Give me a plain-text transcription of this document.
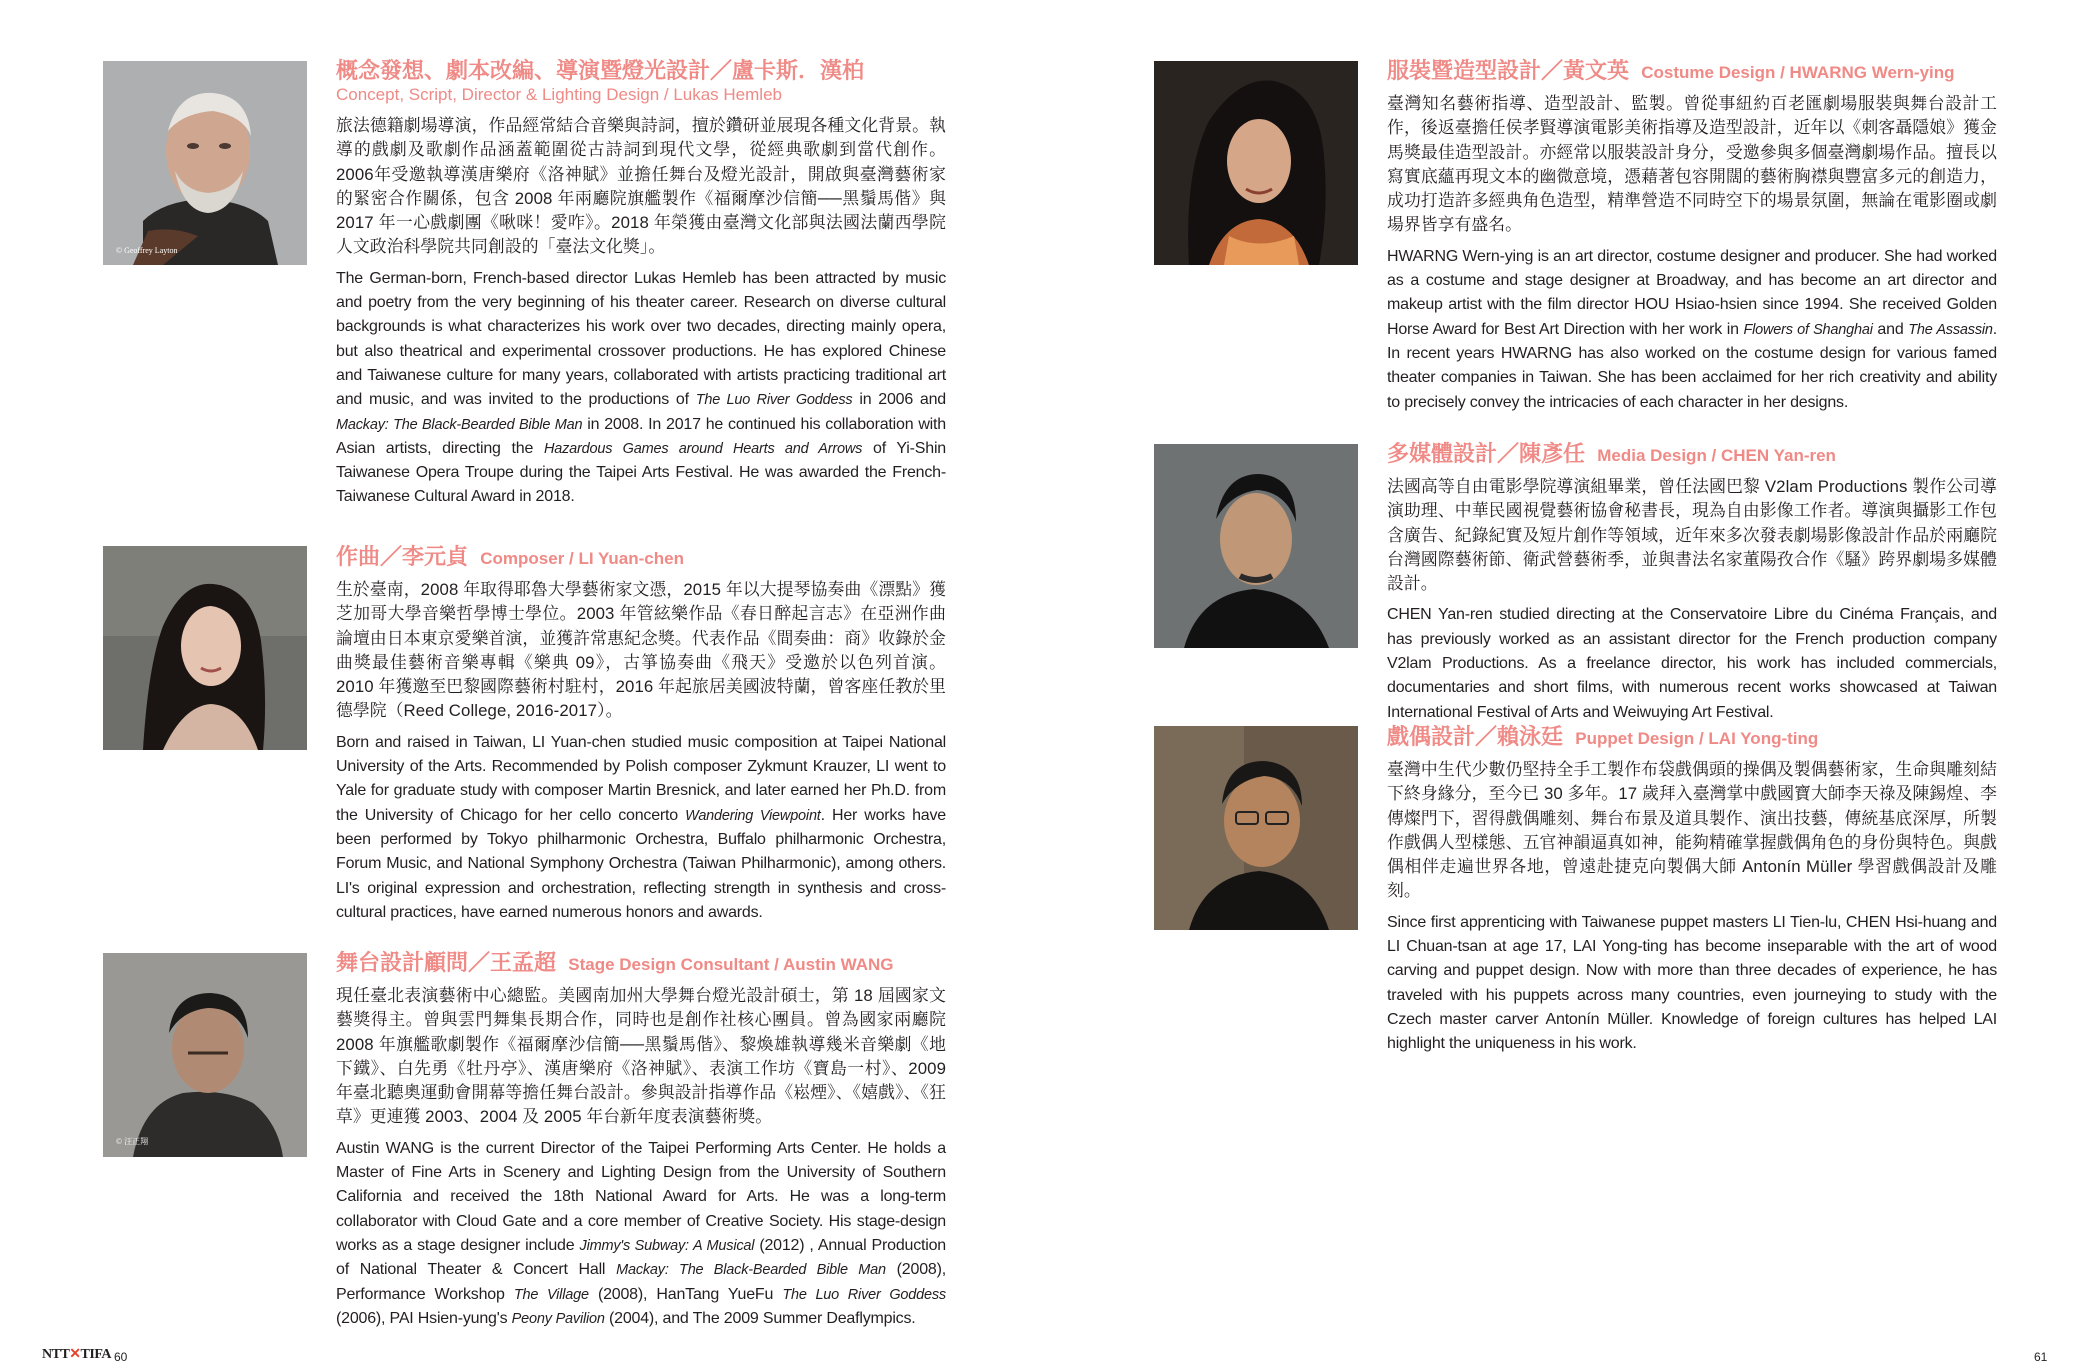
© Geoffrey Layton
概念發想、劇本改編、導演暨燈光設計／盧卡斯．漢柏

Concept, Script, Director & Lighting Design / Lukas Hemleb

旅法德籍劇場導演，作品經常結合音樂與詩詞，擅於鑽研並展現各種文化背景。執導的戲劇及歌劇作品涵蓋範圍從古詩詞到現代文學，從經典歌劇到當代創作。2006年受邀執導漢唐樂府《洛神賦》並擔任舞台及燈光設計，開啟與臺灣藝術家的緊密合作關係，包含 2008 年兩廳院旗艦製作《福爾摩沙信簡──黑鬚馬偕》與 2017 年一心戲劇團《啾咪！愛咋》。2018 年榮獲由臺灣文化部與法國法蘭西學院人文政治科學院共同創設的「臺法文化獎」。

The German-born, French-based director Lukas Hemleb has been attracted by music and poetry from the very beginning of his theater career. Research on diverse cultural backgrounds is what characterizes his work over two decades, directing mainly opera, but also theatrical and experimental crossover productions. He has explored Chinese and Taiwanese culture for many years, collaborated with artists practicing traditional art and music, and was invited to the productions of The Luo River Goddess in 2006 and Mackay: The Black-Bearded Bible Man in 2008. In 2017 he continued his collaboration with Asian artists, directing the Hazardous Games around Hearts and Arrows of Yi-Shin Taiwanese Opera Troupe during the Taipei Arts Festival. He was awarded the French-Taiwanese Cultural Award in 2018.

作曲／李元貞 Composer / LI Yuan-chen

生於臺南，2008 年取得耶魯大學藝術家文憑，2015 年以大提琴協奏曲《漂點》獲芝加哥大學音樂哲學博士學位。2003 年管絃樂作品《春日醉起言志》在亞洲作曲論壇由日本東京愛樂首演，並獲許常惠紀念獎。代表作品《間奏曲：商》收錄於金曲獎最佳藝術音樂專輯《樂典 09》，古箏協奏曲《飛天》受邀於以色列首演。2010 年獲邀至巴黎國際藝術村駐村，2016 年起旅居美國波特蘭，曾客座任教於里德學院（Reed College, 2016-2017）。

Born and raised in Taiwan, LI Yuan-chen studied music composition at Taipei National University of the Arts. Recommended by Polish composer Zykmunt Krauzer, LI went to Yale for graduate study with composer Martin Bresnick, and later earned her Ph.D. from the University of Chicago for her cello concerto Wandering Viewpoint. Her works have been performed by Tokyo philharmonic Orchestra, Buffalo philharmonic Orchestra, Forum Music, and National Symphony Orchestra (Taiwan Philharmonic), among others. LI's original expression and orchestration, reflecting strength in synthesis and cross-cultural practices, have earned numerous honors and awards.

© 汪正翔
舞台設計顧問／王孟超 Stage Design Consultant / Austin WANG

現任臺北表演藝術中心總監。美國南加州大學舞台燈光設計碩士，第 18 屆國家文藝獎得主。曾與雲門舞集長期合作，同時也是創作社核心團員。曾為國家兩廳院 2008 年旗艦歌劇製作《福爾摩沙信簡──黑鬚馬偕》、黎煥雄執導幾米音樂劇《地下鐵》、白先勇《牡丹亭》、漢唐樂府《洛神賦》、表演工作坊《寶島一村》、2009 年臺北聽奧運動會開幕等擔任舞台設計。參與設計指導作品《崧煙》、《嬉戲》、《狂草》更連獲 2003、2004 及 2005 年台新年度表演藝術獎。

Austin WANG is the current Director of the Taipei Performing Arts Center. He holds a Master of Fine Arts in Scenery and Lighting Design from the University of Southern California and received the 18th National Award for Arts. He was a long-term collaborator with Cloud Gate and a core member of Creative Society. His stage-design works as a stage designer include Jimmy's Subway: A Musical (2012) , Annual Production of National Theater & Concert Hall Mackay: The Black-Bearded Bible Man (2008), Performance Workshop The Village (2008), HanTang YueFu The Luo River Goddess (2006), PAI Hsien-yung's Peony Pavilion (2004), and The 2009 Summer Deaflympics.

服裝暨造型設計／黃文英 Costume Design / HWARNG Wern-ying

臺灣知名藝術指導、造型設計、監製。曾從事紐約百老匯劇場服裝與舞台設計工作，後返臺擔任侯孝賢導演電影美術指導及造型設計，近年以《刺客聶隱娘》獲金馬獎最佳造型設計。亦經常以服裝設計身分，受邀參與多個臺灣劇場作品。擅長以寫實底蘊再現文本的幽微意境，憑藉著包容開闊的藝術胸襟與豐富多元的創造力，成功打造許多經典角色造型，精準營造不同時空下的場景氛圍，無論在電影圈或劇場界皆享有盛名。

HWARNG Wern-ying is an art director, costume designer and producer. She had worked as a costume and stage designer at Broadway, and has become an art director and makeup artist with the film director HOU Hsiao-hsien since 1994. She received Golden Horse Award for Best Art Direction with her work in Flowers of Shanghai and The Assassin. In recent years HWARNG has also worked on the costume design for various famed theater companies in Taiwan. She has been acclaimed for her rich creativity and ability to precisely convey the intricacies of each character in her designs.

多媒體設計／陳彥任 Media Design / CHEN Yan-ren

法國高等自由電影學院導演組畢業，曾任法國巴黎 V2lam Productions 製作公司導演助理、中華民國視覺藝術協會秘書長，現為自由影像工作者。導演與攝影工作包含廣告、紀錄紀實及短片創作等領域，近年來多次發表劇場影像設計作品於兩廳院台灣國際藝術節、衛武營藝術季，並與書法名家董陽孜合作《騷》跨界劇場多媒體設計。

CHEN Yan-ren studied directing at the Conservatoire Libre du Cinéma Français, and has previously worked as an assistant director for the French production company V2lam Productions. As a freelance director, his work has included commercials, documentaries and short films, with numerous recent works showcased at Taiwan International Festival of Arts and Weiwuying Art Festival.

戲偶設計／賴泳廷 Puppet Design / LAI Yong-ting

臺灣中生代少數仍堅持全手工製作布袋戲偶頭的操偶及製偶藝術家，生命與雕刻結下終身緣分，至今已 30 多年。17 歲拜入臺灣掌中戲國寶大師李天祿及陳錫煌、李傳燦門下，習得戲偶雕刻、舞台布景及道具製作、演出技藝，傳統基底深厚，所製作戲偶人型樣態、五官神韻逼真如神，能夠精確掌握戲偶角色的身份與特色。與戲偶相伴走遍世界各地，曾遠赴捷克向製偶大師 Antonín Müller 學習戲偶設計及雕刻。

Since first apprenticing with Taiwanese puppet masters LI Tien-lu, CHEN Hsi-huang and LI Chuan-tsan at age 17, LAI Yong-ting has become inseparable with the art of wood carving and puppet design. Now with more than three decades of experience, he has traveled with his puppets across many countries, even journeying to study with the Czech master carver Antonín Müller. Knowledge of foreign cultures has helped LAI highlight the uniqueness in his work.

NTT✕TIFA 60	61
